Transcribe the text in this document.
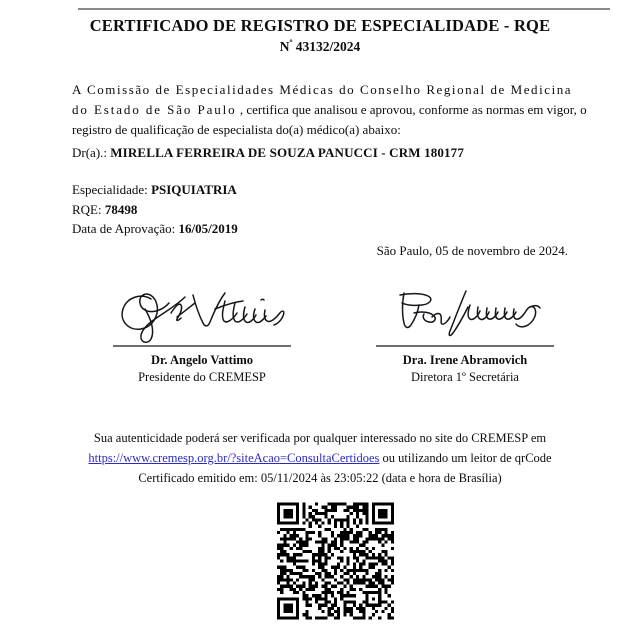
CERTIFICADO DE REGISTRO DE ESPECIALIDADE - RQE
$N^º$ 43132/2024
A Comissão de Especialidades Médicas do Conselho Regional de Medicina
do Estado de São Paulo , certifica que analisou e aprovou, conforme as normas em vigor, o
registro de qualificação de especialista do(a) médico(a) abaixo:
Dr(a).: MIRELLA FERREIRA DE SOUZA PANUCCI - CRM 180177
Especialidade: PSIQUIATRIA
RQE: 78498
Data de Aprovação: 16/05/2019
São Paulo, 05 de novembro de 2024.
Dr. Angelo Vattimo
Presidente do CREMESP
Dra. Irene Abramovich
Diretora 1º Secretária
Sua autenticidade poderá ser verificada por qualquer interessado no site do CREMESP em
https://www.cremesp.org.br/?siteAcao=ConsultaCertidoes ou utilizando um leitor de qrCode
Certificado emitido em: 05/11/2024 às 23:05:22 (data e hora de Brasília)
